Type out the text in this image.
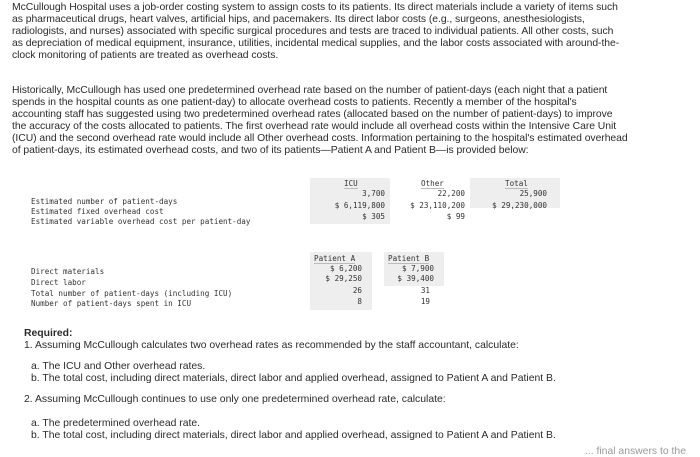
McCullough Hospital uses a job-order costing system to assign costs to its patients. Its direct materials include a variety of items such
as pharmaceutical drugs, heart valves, artificial hips, and pacemakers. Its direct labor costs (e.g., surgeons, anesthesiologists,
radiologists, and nurses) associated with specific surgical procedures and tests are traced to individual patients. All other costs, such
as depreciation of medical equipment, insurance, utilities, incidental medical supplies, and the labor costs associated with around-the-
clock monitoring of patients are treated as overhead costs.
Historically, McCullough has used one predetermined overhead rate based on the number of patient-days (each night that a patient
spends in the hospital counts as one patient-day) to allocate overhead costs to patients. Recently a member of the hospital's
accounting staff has suggested using two predetermined overhead rates (allocated based on the number of patient-days) to improve
the accuracy of the costs allocated to patients. The first overhead rate would include all overhead costs within the Intensive Care Unit
(ICU) and the second overhead rate would include all Other overhead costs. Information pertaining to the hospital's estimated overhead
of patient-days, its estimated overhead costs, and two of its patients—Patient A and Patient B—is provided below:
ICU	Other	Total
Estimated number of patient-days
3,700	22,200	25,900
Estimated fixed overhead cost
$ 6,119,800	$ 23,110,200	$ 29,230,000
Estimated variable overhead cost per patient-day
$ 305	$ 99
Patient A	Patient B
Direct materials	$ 6,200	$ 7,900
Direct labor	$ 29,250	$ 39,400
Total number of patient-days (including ICU)	26	31
Number of patient-days spent in ICU	8	19
Required:
1. Assuming McCullough calculates two overhead rates as recommended by the staff accountant, calculate:
a. The ICU and Other overhead rates.
b. The total cost, including direct materials, direct labor and applied overhead, assigned to Patient A and Patient B.
2. Assuming McCullough continues to use only one predetermined overhead rate, calculate:
a. The predetermined overhead rate.
b. The total cost, including direct materials, direct labor and applied overhead, assigned to Patient A and Patient B.
... final answers to the
